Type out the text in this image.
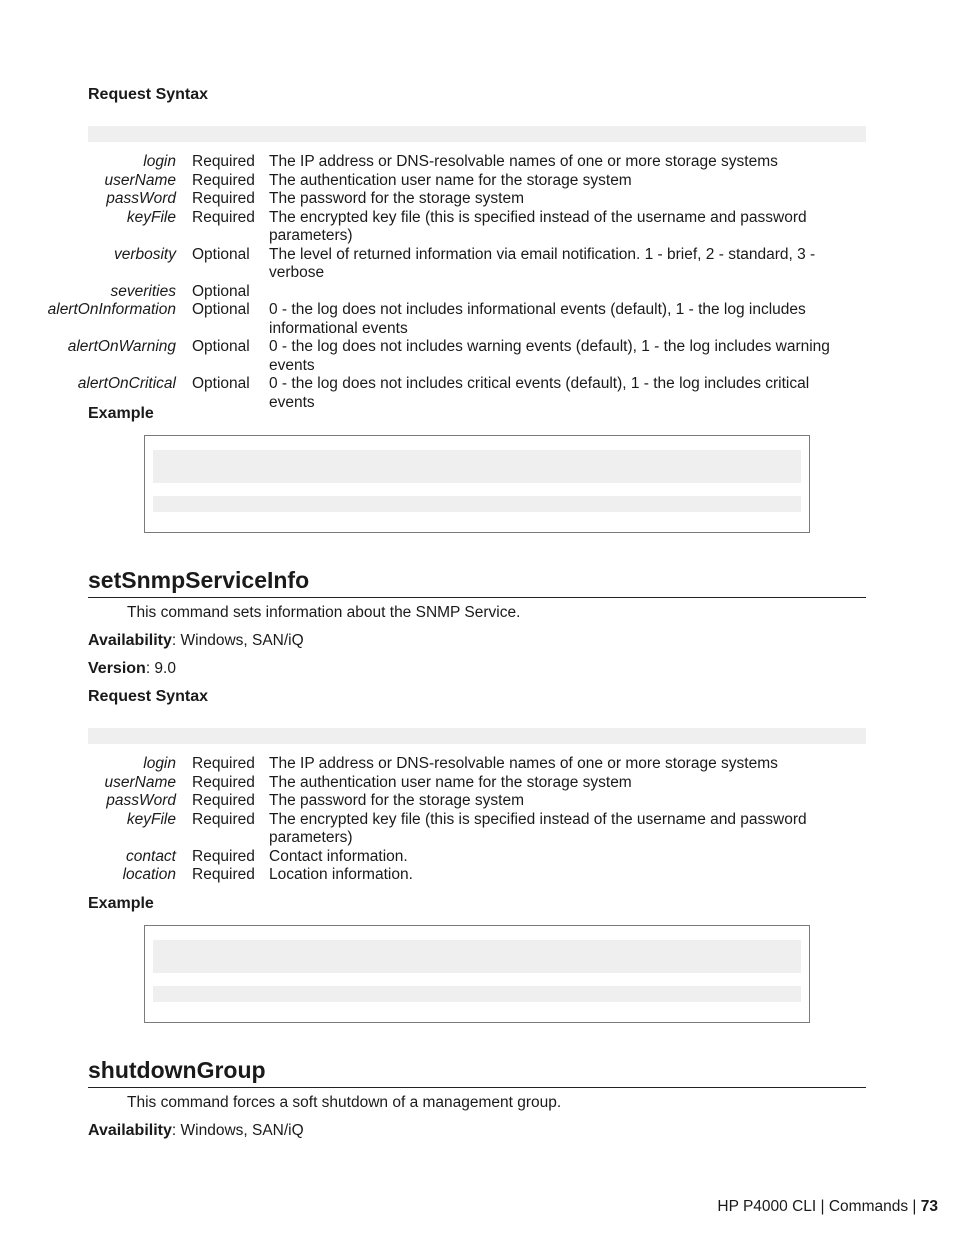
Request Syntax
login	Required	The IP address or DNS-resolvable names of one or more storage systems
userName	Required	The authentication user name for the storage system
passWord	Required	The password for the storage system
keyFile	Required	The encrypted key file (this is specified instead of the username and password parameters)
verbosity	Optional	The level of returned information via email notification. 1 - brief, 2 - standard, 3 - verbose
severities	Optional	
alertOnInformation	Optional	0 - the log does not includes informational events (default), 1 - the log includes informational events
alertOnWarning	Optional	0 - the log does not includes warning events (default), 1 - the log includes warning events
alertOnCritical	Optional	0 - the log does not includes critical events (default), 1 - the log includes critical events
Example
setSnmpServiceInfo
This command sets information about the SNMP Service.
Availability: Windows, SAN/iQ
Version: 9.0
Request Syntax
login	Required	The IP address or DNS-resolvable names of one or more storage systems
userName	Required	The authentication user name for the storage system
passWord	Required	The password for the storage system
keyFile	Required	The encrypted key file (this is specified instead of the username and password parameters)
contact	Required	Contact information.
location	Required	Location information.
Example
shutdownGroup
This command forces a soft shutdown of a management group.
Availability: Windows, SAN/iQ
HP P4000 CLI | Commands | 73
